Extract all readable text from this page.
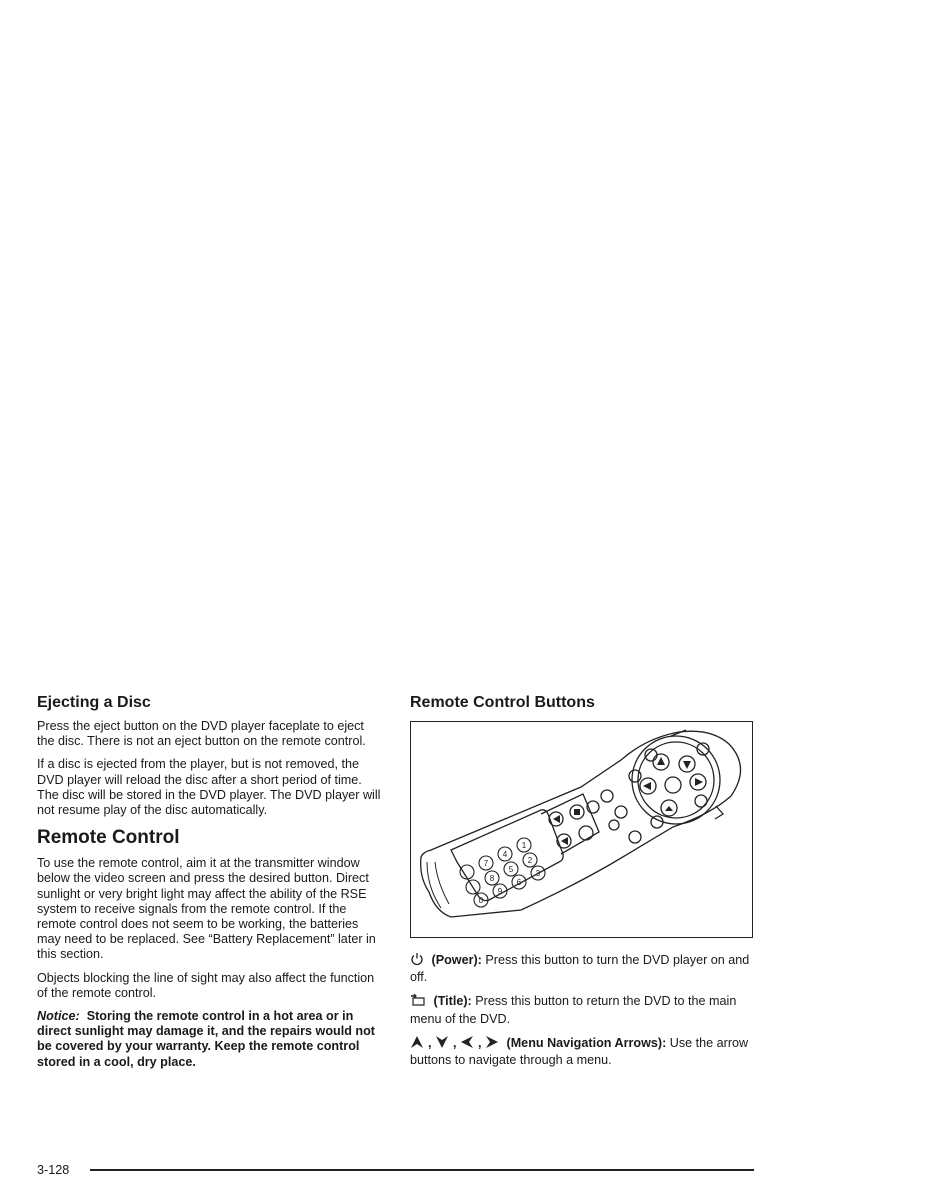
Ejecting a Disc

Press the eject button on the DVD player faceplate to eject the disc. There is not an eject button on the remote control.

If a disc is ejected from the player, but is not removed, the DVD player will reload the disc after a short period of time. The disc will be stored in the DVD player. The DVD player will not resume play of the disc automatically.

Remote Control

To use the remote control, aim it at the transmitter window below the video screen and press the desired button. Direct sunlight or very bright light may affect the ability of the RSE system to receive signals from the remote control. If the remote control does not seem to be working, the batteries may need to be replaced. See “Battery Replacement” later in this section.

Objects blocking the line of sight may also affect the function of the remote control.

Notice: Storing the remote control in a hot area or in direct sunlight may damage it, and the repairs would not be covered by your warranty. Keep the remote control stored in a cool, dry place.

Remote Control Buttons
7
4
1
8
5
2
0
9
6
3
(Power): Press this button to turn the DVD player on and off.
(Title): Press this button to return the DVD to the main menu of the DVD.
, , , (Menu Navigation Arrows): Use the arrow buttons to navigate through a menu.
3-128
